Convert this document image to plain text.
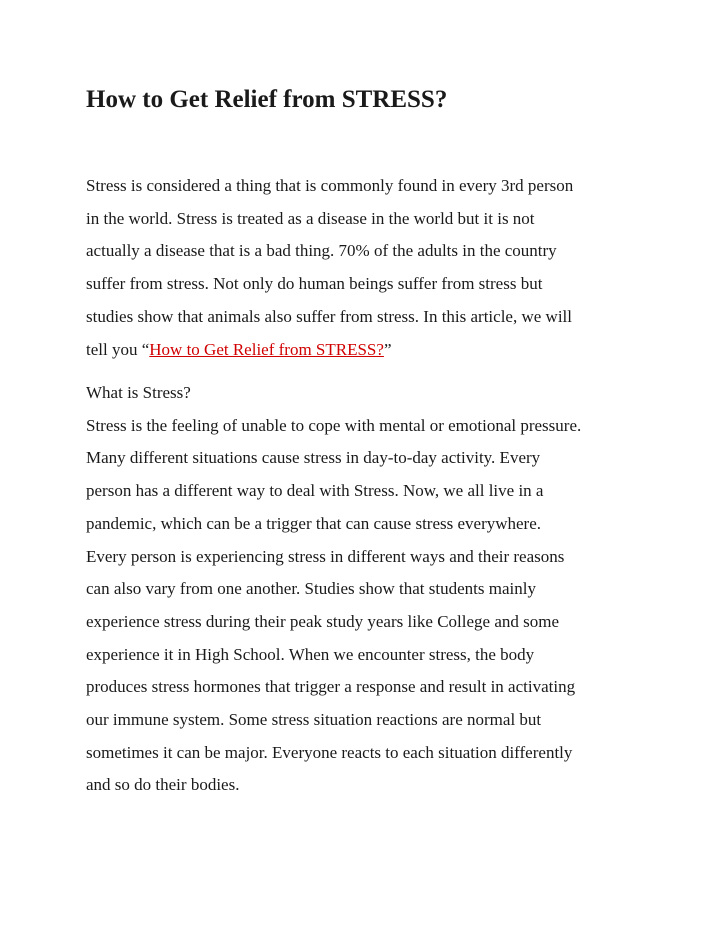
How to Get Relief from STRESS?

Stress is considered a thing that is commonly found in every 3rd person
in the world. Stress is treated as a disease in the world but it is not
actually a disease that is a bad thing. 70% of the adults in the country
suffer from stress. Not only do human beings suffer from stress but
studies show that animals also suffer from stress. In this article, we will
tell you “How to Get Relief from STRESS?”

What is Stress?
Stress is the feeling of unable to cope with mental or emotional pressure.
Many different situations cause stress in day-to-day activity. Every
person has a different way to deal with Stress. Now, we all live in a
pandemic, which can be a trigger that can cause stress everywhere.
Every person is experiencing stress in different ways and their reasons
can also vary from one another. Studies show that students mainly
experience stress during their peak study years like College and some
experience it in High School. When we encounter stress, the body
produces stress hormones that trigger a response and result in activating
our immune system. Some stress situation reactions are normal but
sometimes it can be major. Everyone reacts to each situation differently
and so do their bodies.
